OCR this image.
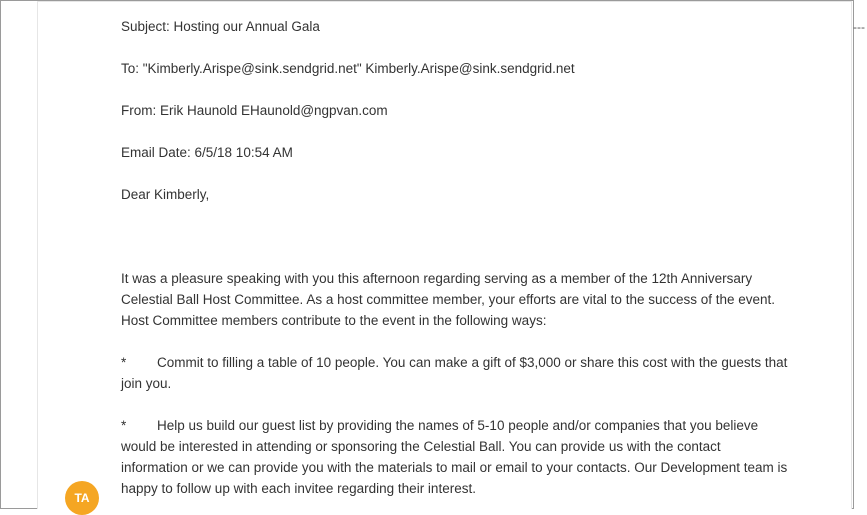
---

Subject: Hosting our Annual Gala

To: "Kimberly.Arispe@sink.sendgrid.net" Kimberly.Arispe@sink.sendgrid.net

From: Erik Haunold EHaunold@ngpvan.com

Email Date: 6/5/18 10:54 AM

Dear Kimberly,

It was a pleasure speaking with you this afternoon regarding serving as a member of the 12th Anniversary Celestial Ball Host Committee. As a host committee member, your efforts are vital to the success of the event. Host Committee members contribute to the event in the following ways:

* Commit to filling a table of 10 people. You can make a gift of $3,000 or share this cost with the guests that join you.

* Help us build our guest list by providing the names of 5-10 people and/or companies that you believe would be interested in attending or sponsoring the Celestial Ball. You can provide us with the contact information or we can provide you with the materials to mail or email to your contacts. Our Development team is happy to follow up with each invitee regarding their interest.

TA
